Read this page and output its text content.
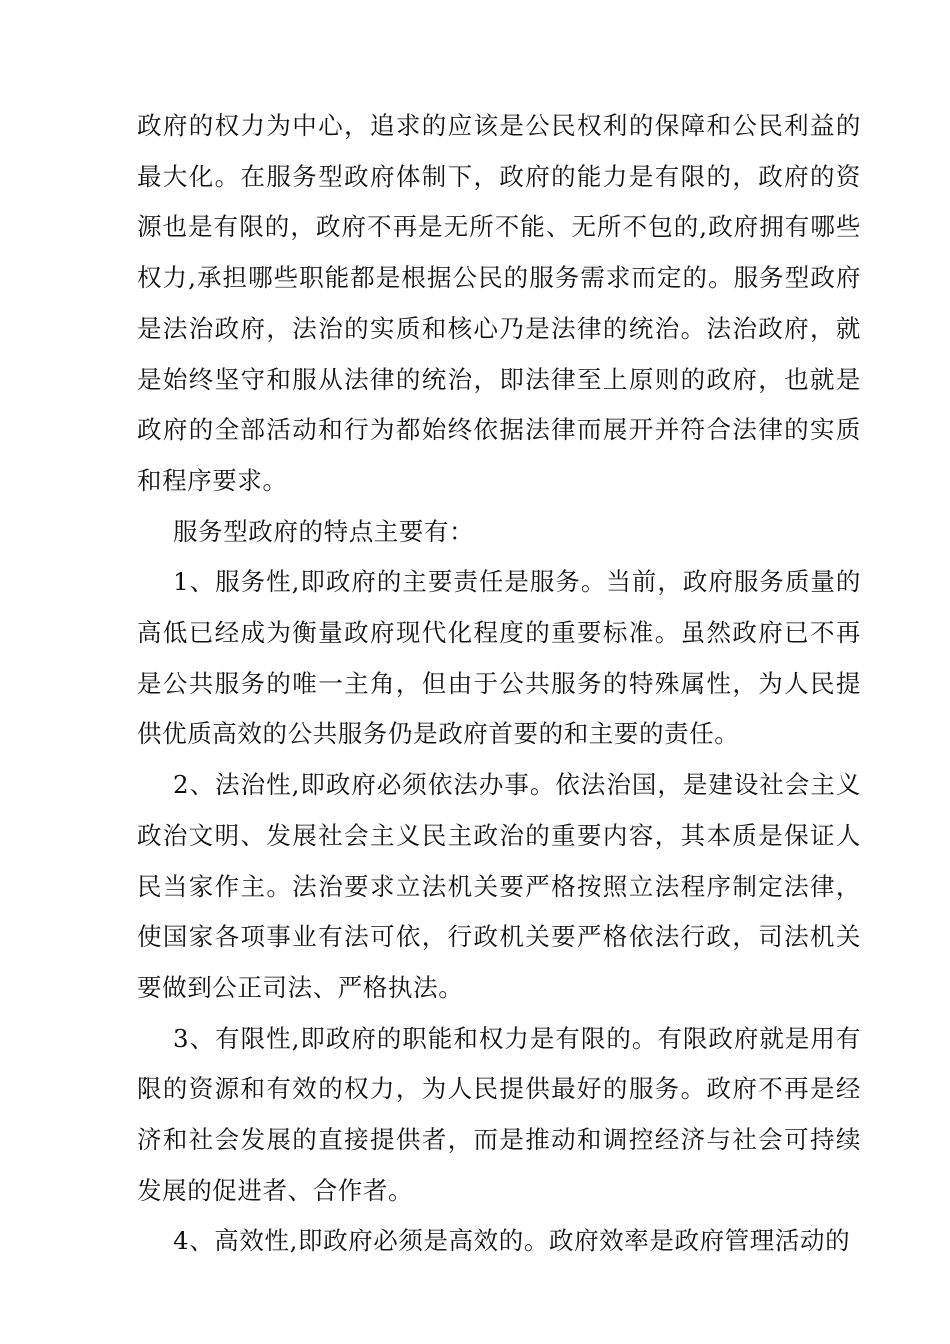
政府的权力为中心，追求的应该是公民权利的保障和公民利益的最大化。在服务型政府体制下，政府的能力是有限的，政府的资源也是有限的，政府不再是无所不能、无所不包的,政府拥有哪些权力,承担哪些职能都是根据公民的服务需求而定的。服务型政府是法治政府，法治的实质和核心乃是法律的统治。法治政府，就是始终坚守和服从法律的统治，即法律至上原则的政府，也就是政府的全部活动和行为都始终依据法律而展开并符合法律的实质和程序要求。

服务型政府的特点主要有：

1、服务性,即政府的主要责任是服务。当前，政府服务质量的高低已经成为衡量政府现代化程度的重要标准。虽然政府已不再是公共服务的唯一主角，但由于公共服务的特殊属性，为人民提供优质高效的公共服务仍是政府首要的和主要的责任。

2、法治性,即政府必须依法办事。依法治国，是建设社会主义政治文明、发展社会主义民主政治的重要内容，其本质是保证人民当家作主。法治要求立法机关要严格按照立法程序制定法律，使国家各项事业有法可依，行政机关要严格依法行政，司法机关要做到公正司法、严格执法。

3、有限性,即政府的职能和权力是有限的。有限政府就是用有限的资源和有效的权力，为人民提供最好的服务。政府不再是经济和社会发展的直接提供者，而是推动和调控经济与社会可持续发展的促进者、合作者。

4、高效性,即政府必须是高效的。政府效率是政府管理活动的
